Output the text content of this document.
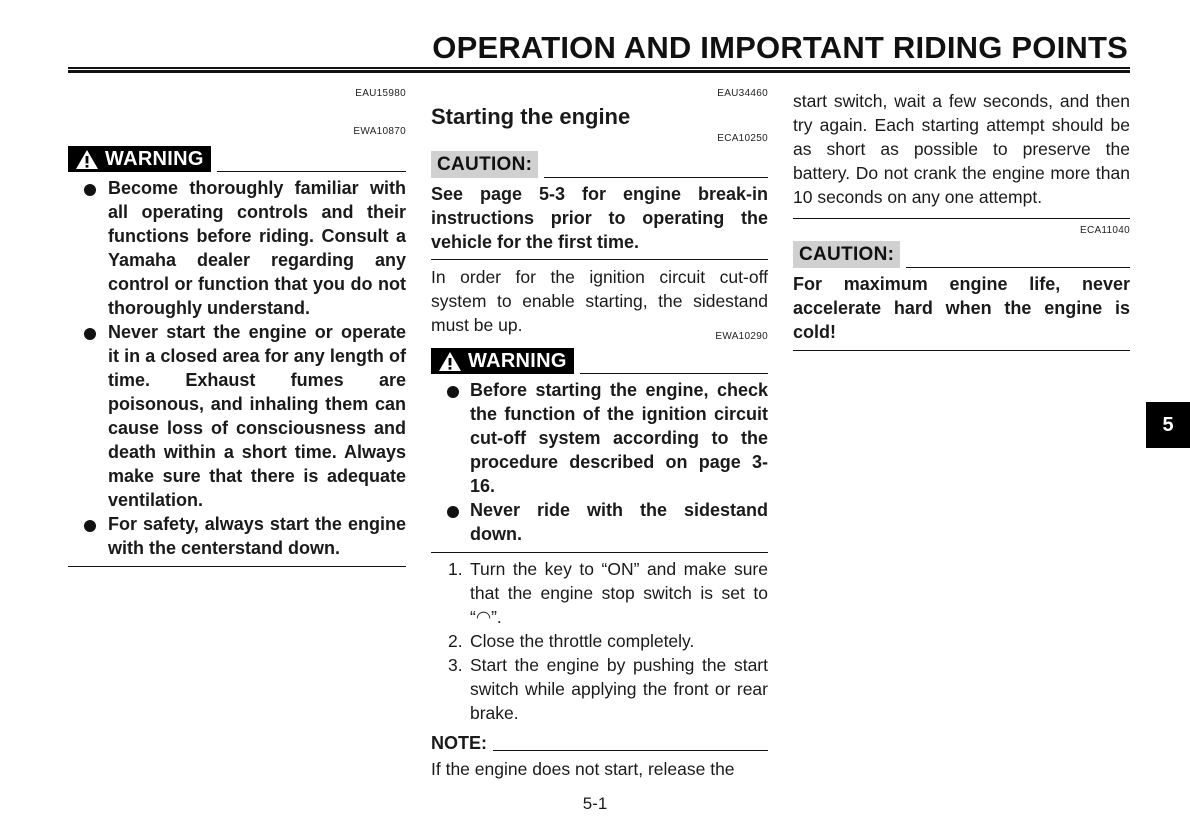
OPERATION AND IMPORTANT RIDING POINTS
EAU15980
EWA10870
WARNING
Become thoroughly familiar with all operating controls and their functions before riding. Consult a Yamaha dealer regarding any control or function that you do not thoroughly understand.
Never start the engine or operate it in a closed area for any length of time. Exhaust fumes are poisonous, and inhaling them can cause loss of consciousness and death within a short time. Always make sure that there is adequate ventilation.
For safety, always start the engine with the centerstand down.
EAU34460
Starting the engine
ECA10250
CAUTION:
See page 5-3 for engine break-in instructions prior to operating the vehicle for the first time.
In order for the ignition circuit cut-off system to enable starting, the sidestand must be up.
EWA10290
WARNING
Before starting the engine, check the function of the ignition circuit cut-off system according to the procedure described on page 3-16.
Never ride with the sidestand down.
1. Turn the key to “ON” and make sure that the engine stop switch is set to “◠”.
2. Close the throttle completely.
3. Start the engine by pushing the start switch while applying the front or rear brake.
NOTE:
If the engine does not start, release the
start switch, wait a few seconds, and then try again. Each starting attempt should be as short as possible to preserve the battery. Do not crank the engine more than 10 seconds on any one attempt.
ECA11040
CAUTION:
For maximum engine life, never accelerate hard when the engine is cold!
5-1
5
